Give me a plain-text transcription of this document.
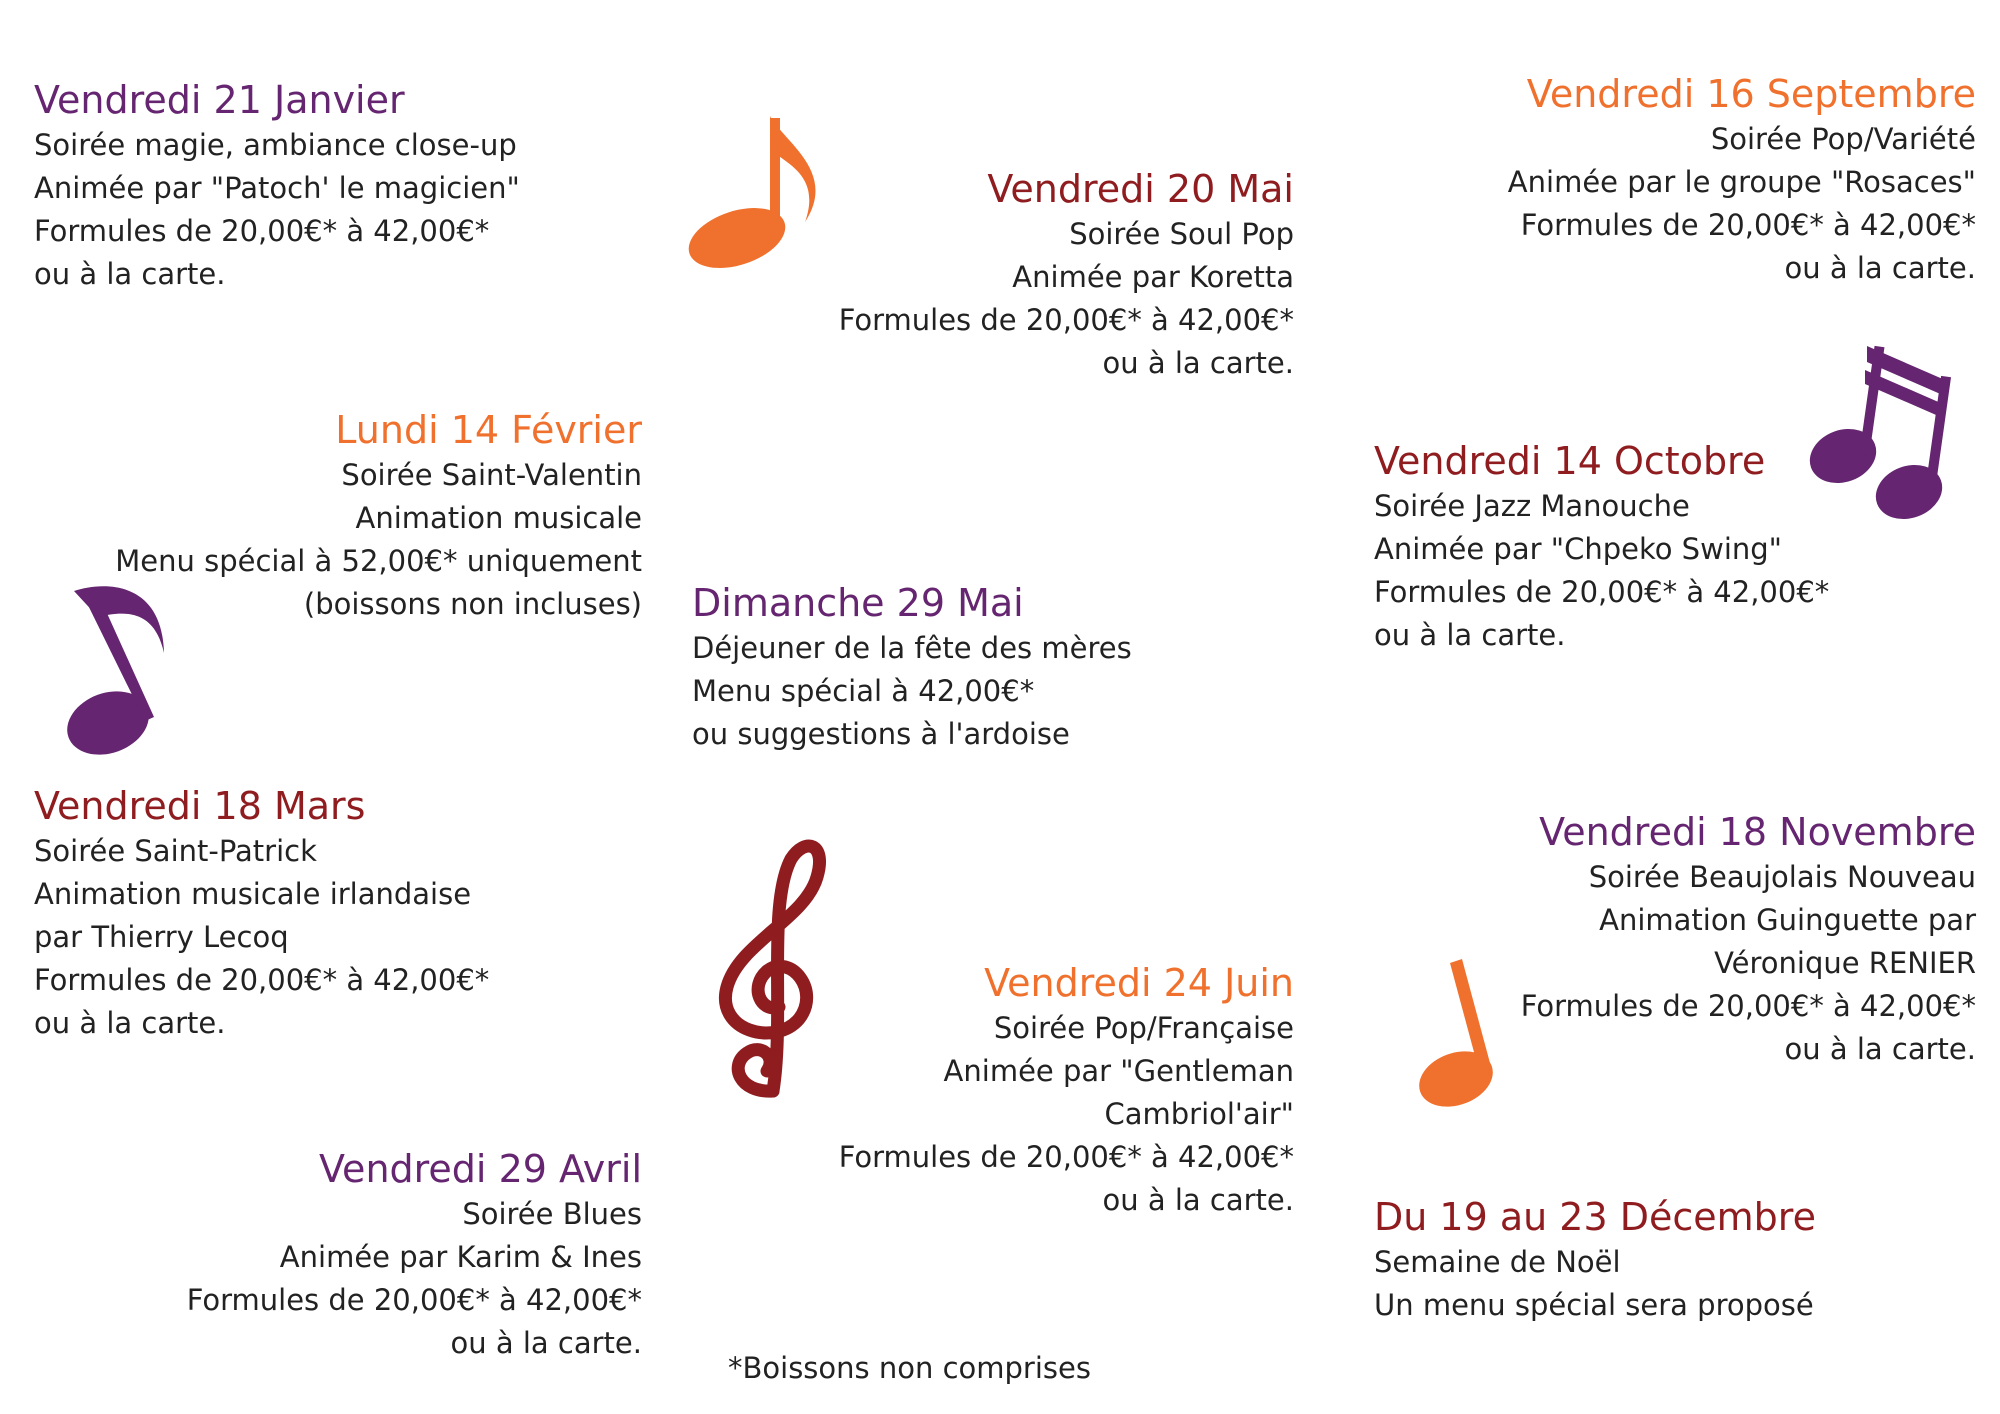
Vendredi 21 Janvier
Soirée magie, ambiance close-up
Animée par "Patoch' le magicien"
Formules de 20,00€* à 42,00€*
ou à la carte.
Lundi 14 Février
Soirée Saint-Valentin
Animation musicale
Menu spécial à 52,00€* uniquement
(boissons non incluses)
Vendredi 18 Mars
Soirée Saint-Patrick
Animation musicale irlandaise
par Thierry Lecoq
Formules de 20,00€* à 42,00€*
ou à la carte.
Vendredi 29 Avril
Soirée Blues
Animée par Karim & Ines
Formules de 20,00€* à 42,00€*
ou à la carte.
Vendredi 20 Mai
Soirée Soul Pop
Animée par Koretta
Formules de 20,00€* à 42,00€*
ou à la carte.
Dimanche 29 Mai
Déjeuner de la fête des mères
Menu spécial à 42,00€*
ou suggestions à l'ardoise
Vendredi 24 Juin
Soirée Pop/Française
Animée par "Gentleman
Cambriol'air"
Formules de 20,00€* à 42,00€*
ou à la carte.
Vendredi 16 Septembre
Soirée Pop/Variété
Animée par le groupe "Rosaces"
Formules de 20,00€* à 42,00€*
ou à la carte.
Vendredi 14 Octobre
Soirée Jazz Manouche
Animée par "Chpeko Swing"
Formules de 20,00€* à 42,00€*
ou à la carte.
Vendredi 18 Novembre
Soirée Beaujolais Nouveau
Animation Guinguette par
Véronique RENIER
Formules de 20,00€* à 42,00€*
ou à la carte.
Du 19 au 23 Décembre
Semaine de Noël
Un menu spécial sera proposé
*Boissons non comprises
